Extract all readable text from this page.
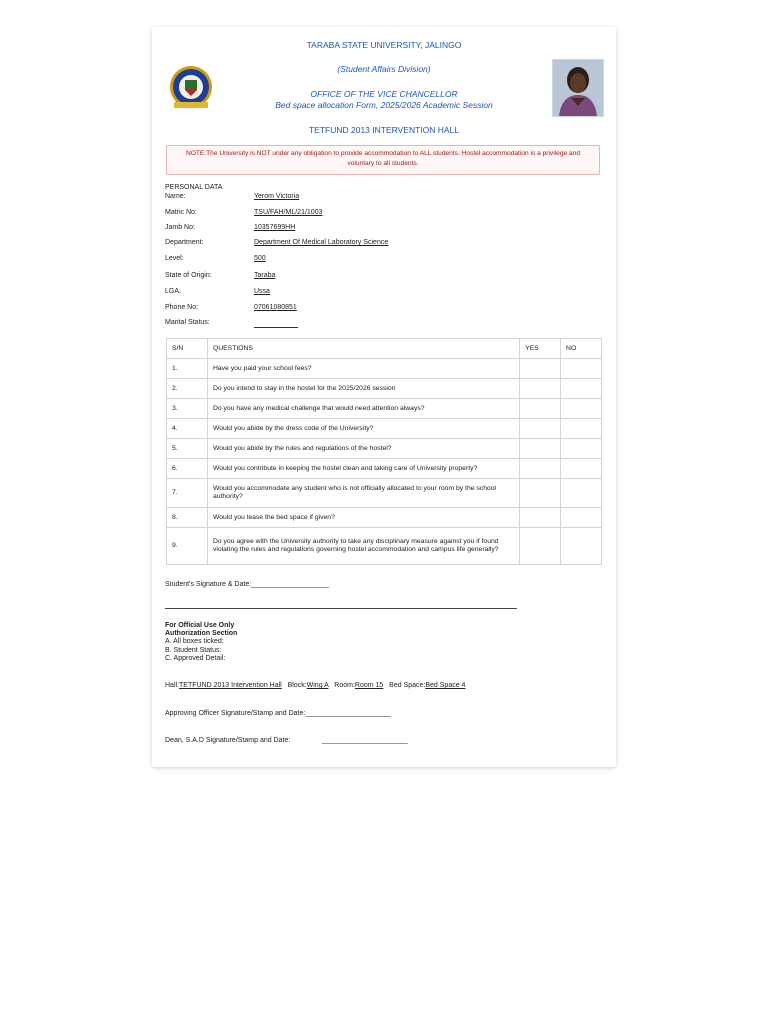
TARABA STATE UNIVERSITY, JALINGO
(Student Affairs Division)
OFFICE OF THE VICE CHANCELLOR
Bed space allocation Form, 2025/2026 Academic Session
TETFUND 2013 INTERVENTION HALL
NOTE:The University is NOT under any obligation to provide accommodation to ALL students. Hostel accommodation is a privilege and voluntary to all students.
PERSONAL DATA
Name:	Yerom Victoria
Matric No:	TSU/FAH/ML/21/1003
Jamb No:	10357699HH
Department:	Department Of Medical Laboratory Science
Level:	500
State of Origin:	Taraba
LGA:	Ussa
Phone No:	07061080851
Marital Status:
S/N	QUESTIONS	YES	NO
1.	Have you paid your school fees?		
2.	Do you intend to stay in the hostel for the 2025/2026 session		
3.	Do you have any medical challenge that would need attention always?		
4.	Would you abide by the dress code of the University?		
5.	Would you abide by the rules and regulations of the hostel?		
6.	Would you contribute in keeping the hostel clean and taking care of University property?		
7.	Would you accommodate any student who is not officially allocated to your room by the school authority?		
8.	Would you lease the bed space if given?		
9.	Do you agree with the University authority to take any disciplinary measure against you if found violating the rules and regulations governing hostel accommodation and campus life generally?		
Student's Signature & Date:____________________
For Official Use Only
Authorization Section
A. All boxes ticked:
B. Student Status:
C. Approved Detail:
Hall:TETFUND 2013 Intervention Hall Block:Wing A Room:Room 15 Bed Space:Bed Space 4
Approving Officer Signature/Stamp and Date:______________________
Dean, S.A.D Signature/Stamp and Date:	______________________
